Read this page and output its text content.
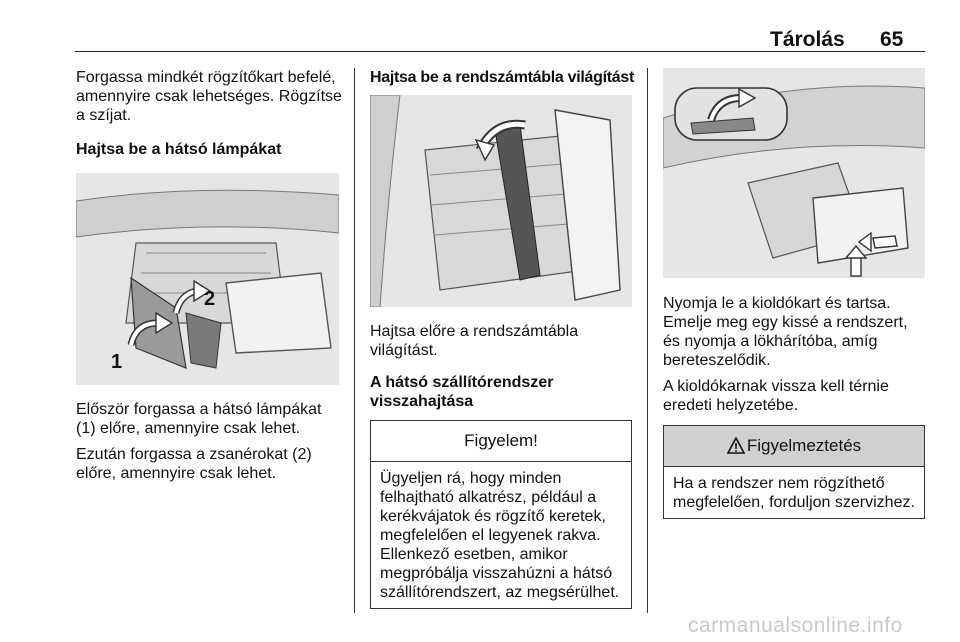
Tárolás 65

Forgassa mindkét rögzítőkart befelé, amennyire csak lehetséges. Rögzítse a szíjat.

Hajtsa be a hátsó lámpákat
1
2

Először forgassa a hátsó lámpákat (1) előre, amennyire csak lehet.

Ezután forgassa a zsanérokat (2) előre, amennyire csak lehet.

Hajtsa be a rendszámtábla világítást

Hajtsa előre a rendszámtábla világítást.

A hátsó szállítórendszer visszahajtása
Figyelem!
Ügyeljen rá, hogy minden felhajtható alkatrész, például a kerékvájatok és rögzítő keretek, megfelelően el legyenek rakva. Ellenkező esetben, amikor megpróbálja visszahúzni a hátsó szállítórendszert, az megsérülhet.

Nyomja le a kioldókart és tartsa. Emelje meg egy kissé a rendszert, és nyomja a lökhárítóba, amíg bereteszelődik.

A kioldókarnak vissza kell térnie eredeti helyzetébe.

Figyelmeztetés
Ha a rendszer nem rögzíthető megfelelően, forduljon szervizhez.
carmanualsonline.info
